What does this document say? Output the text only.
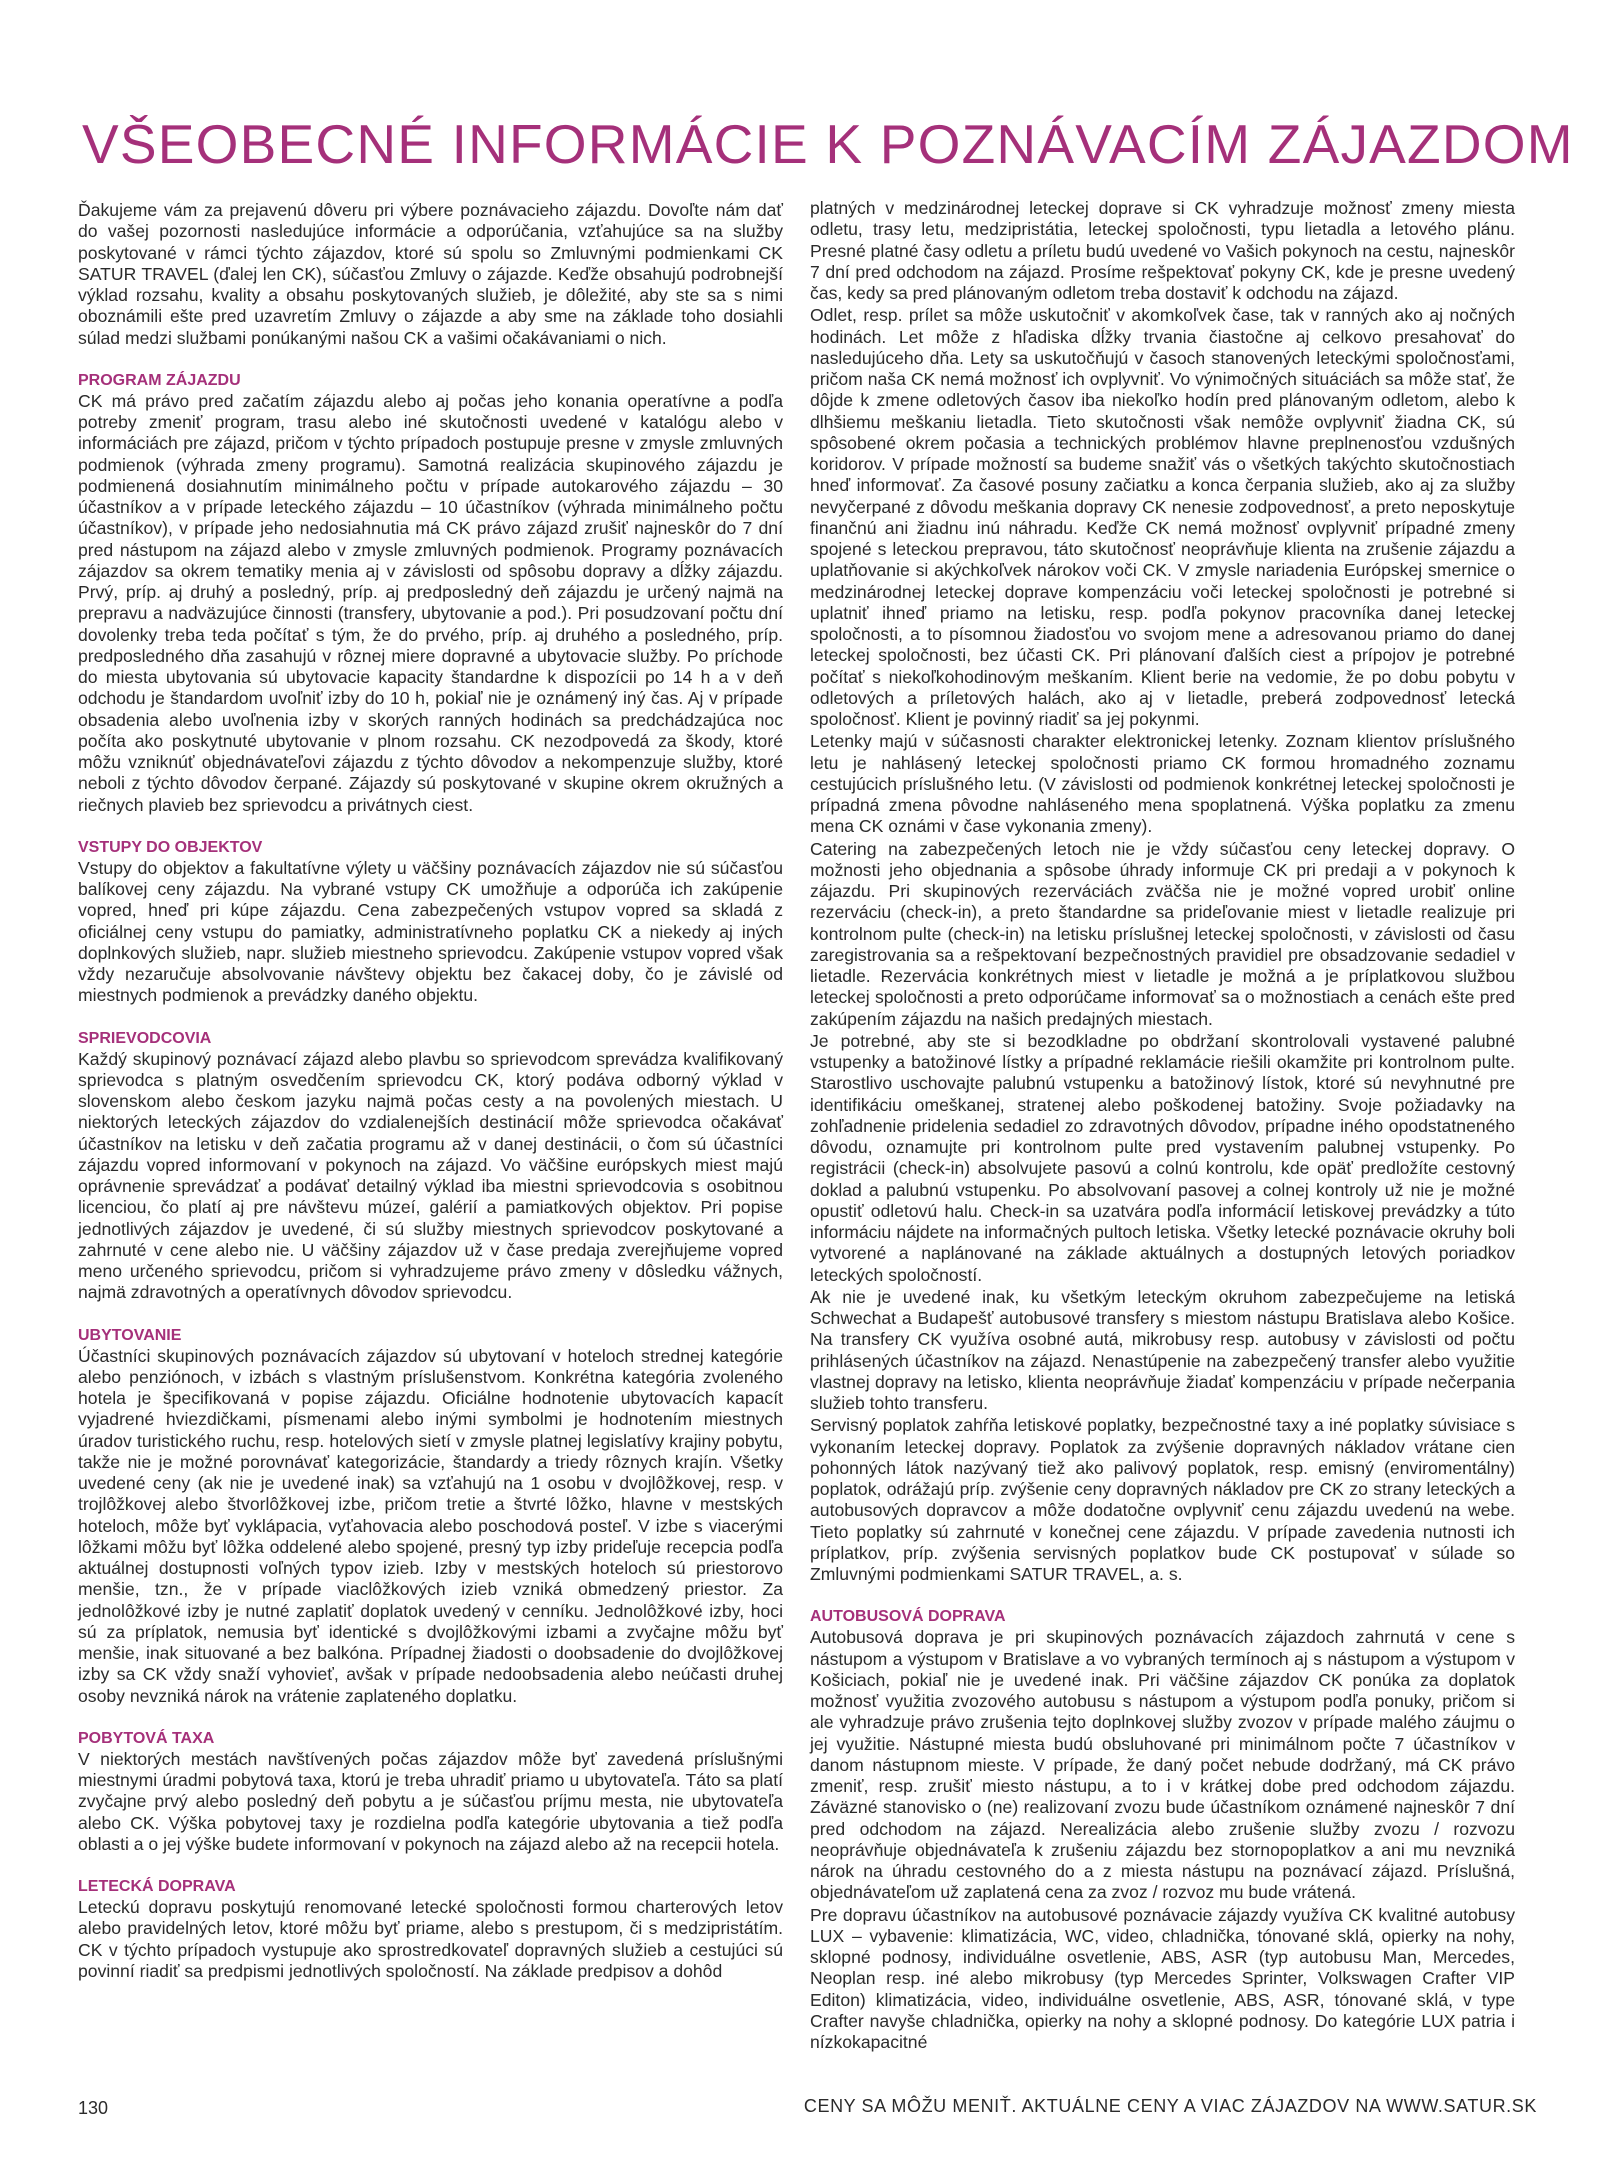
VŠEOBECNÉ INFORMÁCIE K POZNÁVACÍM ZÁJAZDOM

Ďakujeme vám za prejavenú dôveru pri výbere poznávacieho zájazdu. Dovoľte nám dať do vašej pozornosti nasledujúce informácie a odporúčania, vzťahujúce sa na služby poskytované v rámci týchto zájazdov, ktoré sú spolu so Zmluvnými podmienkami CK SATUR TRAVEL (ďalej len CK), súčasťou Zmluvy o zájazde. Keďže obsahujú podrobnejší výklad rozsahu, kvality a obsahu poskytovaných služieb, je dôležité, aby ste sa s nimi oboznámili ešte pred uzavretím Zmluvy o zájazde a aby sme na základe toho dosiahli súlad medzi službami ponúkanými našou CK a vašimi očakávaniami o nich.

PROGRAM ZÁJAZDU

CK má právo pred začatím zájazdu alebo aj počas jeho konania operatívne a podľa potreby zmeniť program, trasu alebo iné skutočnosti uvedené v katalógu alebo v informáciách pre zájazd, pričom v týchto prípadoch postupuje presne v zmysle zmluvných podmienok (výhrada zmeny programu). Samotná realizácia skupinového zájazdu je podmienená dosiahnutím minimálneho počtu v prípade autokarového zájazdu – 30 účastníkov a v prípade leteckého zájazdu – 10 účastníkov (výhrada minimálneho počtu účastníkov), v prípade jeho nedosiahnutia má CK právo zájazd zrušiť najneskôr do 7 dní pred nástupom na zájazd alebo v zmysle zmluvných podmienok. Programy poznávacích zájazdov sa okrem tematiky menia aj v závislosti od spôsobu dopravy a dĺžky zájazdu. Prvý, príp. aj druhý a posledný, príp. aj predposledný deň zájazdu je určený najmä na prepravu a nadväzujúce činnosti (transfery, ubytovanie a pod.). Pri posudzovaní počtu dní dovolenky treba teda počítať s tým, že do prvého, príp. aj druhého a posledného, príp. predposledného dňa zasahujú v rôznej miere dopravné a ubytovacie služby. Po príchode do miesta ubytovania sú ubytovacie kapacity štandardne k dispozícii po 14 h a v deň odchodu je štandardom uvoľniť izby do 10 h, pokiaľ nie je oznámený iný čas. Aj v prípade obsadenia alebo uvoľnenia izby v skorých ranných hodinách sa predchádzajúca noc počíta ako poskytnuté ubytovanie v plnom rozsahu. CK nezodpovedá za škody, ktoré môžu vzniknúť objednávateľovi zájazdu z týchto dôvodov a nekompenzuje služby, ktoré neboli z týchto dôvodov čerpané. Zájazdy sú poskytované v skupine okrem okružných a riečnych plavieb bez sprievodcu a privátnych ciest.

VSTUPY DO OBJEKTOV

Vstupy do objektov a fakultatívne výlety u väčšiny poznávacích zájazdov nie sú súčasťou balíkovej ceny zájazdu. Na vybrané vstupy CK umožňuje a odporúča ich zakúpenie vopred, hneď pri kúpe zájazdu. Cena zabezpečených vstupov vopred sa skladá z oficiálnej ceny vstupu do pamiatky, administratívneho poplatku CK a niekedy aj iných doplnkových služieb, napr. služieb miestneho sprievodcu. Zakúpenie vstupov vopred však vždy nezaručuje absolvovanie návštevy objektu bez čakacej doby, čo je závislé od miestnych podmienok a prevádzky daného objektu.

SPRIEVODCOVIA

Každý skupinový poznávací zájazd alebo plavbu so sprievodcom sprevádza kvalifikovaný sprievodca s platným osvedčením sprievodcu CK, ktorý podáva odborný výklad v slovenskom alebo českom jazyku najmä počas cesty a na povolených miestach. U niektorých leteckých zájazdov do vzdialenejších destinácií môže sprievodca očakávať účastníkov na letisku v deň začatia programu až v danej destinácii, o čom sú účastníci zájazdu vopred informovaní v pokynoch na zájazd. Vo väčšine európskych miest majú oprávnenie sprevádzať a podávať detailný výklad iba miestni sprievodcovia s osobitnou licenciou, čo platí aj pre návštevu múzeí, galérií a pamiatkových objektov. Pri popise jednotlivých zájazdov je uvedené, či sú služby miestnych sprievodcov poskytované a zahrnuté v cene alebo nie. U väčšiny zájazdov už v čase predaja zverejňujeme vopred meno určeného sprievodcu, pričom si vyhradzujeme právo zmeny v dôsledku vážnych, najmä zdravotných a operatívnych dôvodov sprievodcu.

UBYTOVANIE

Účastníci skupinových poznávacích zájazdov sú ubytovaní v hoteloch strednej kategórie alebo penziónoch, v izbách s vlastným príslušenstvom. Konkrétna kategória zvoleného hotela je špecifikovaná v popise zájazdu. Oficiálne hodnotenie ubytovacích kapacít vyjadrené hviezdičkami, písmenami alebo inými symbolmi je hodnotením miestnych úradov turistického ruchu, resp. hotelových sietí v zmysle platnej legislatívy krajiny pobytu, takže nie je možné porovnávať kategorizácie, štandardy a triedy rôznych krajín. Všetky uvedené ceny (ak nie je uvedené inak) sa vzťahujú na 1 osobu v dvojlôžkovej, resp. v trojlôžkovej alebo štvorlôžkovej izbe, pričom tretie a štvrté lôžko, hlavne v mestských hoteloch, môže byť vyklápacia, vyťahovacia alebo poschodová posteľ. V izbe s viacerými lôžkami môžu byť lôžka oddelené alebo spojené, presný typ izby prideľuje recepcia podľa aktuálnej dostupnosti voľných typov izieb. Izby v mestských hoteloch sú priestorovo menšie, tzn., že v prípade viaclôžkových izieb vzniká obmedzený priestor. Za jednolôžkové izby je nutné zaplatiť doplatok uvedený v cenníku. Jednolôžkové izby, hoci sú za príplatok, nemusia byť identické s dvojlôžkovými izbami a zvyčajne môžu byť menšie, inak situované a bez balkóna. Prípadnej žiadosti o doobsadenie do dvojlôžkovej izby sa CK vždy snaží vyhovieť, avšak v prípade nedoobsadenia alebo neúčasti druhej osoby nevzniká nárok na vrátenie zaplateného doplatku.

POBYTOVÁ TAXA

V niektorých mestách navštívených počas zájazdov môže byť zavedená príslušnými miestnymi úradmi pobytová taxa, ktorú je treba uhradiť priamo u ubytovateľa. Táto sa platí zvyčajne prvý alebo posledný deň pobytu a je súčasťou príjmu mesta, nie ubytovateľa alebo CK. Výška pobytovej taxy je rozdielna podľa kategórie ubytovania a tiež podľa oblasti a o jej výške budete informovaní v pokynoch na zájazd alebo až na recepcii hotela.

LETECKÁ DOPRAVA

Leteckú dopravu poskytujú renomované letecké spoločnosti formou charterových letov alebo pravidelných letov, ktoré môžu byť priame, alebo s prestupom, či s medzipristátím. CK v týchto prípadoch vystupuje ako sprostredkovateľ dopravných služieb a cestujúci sú povinní riadiť sa predpismi jednotlivých spoločností. Na základe predpisov a dohôd

platných v medzinárodnej leteckej doprave si CK vyhradzuje možnosť zmeny miesta odletu, trasy letu, medzipristátia, leteckej spoločnosti, typu lietadla a letového plánu. Presné platné časy odletu a príletu budú uvedené vo Vašich pokynoch na cestu, najneskôr 7 dní pred odchodom na zájazd. Prosíme rešpektovať pokyny CK, kde je presne uvedený čas, kedy sa pred plánovaným odletom treba dostaviť k odchodu na zájazd.

Odlet, resp. prílet sa môže uskutočniť v akomkoľvek čase, tak v ranných ako aj nočných hodinách. Let môže z hľadiska dĺžky trvania čiastočne aj celkovo presahovať do nasledujúceho dňa. Lety sa uskutočňujú v časoch stanovených leteckými spoločnosťami, pričom naša CK nemá možnosť ich ovplyvniť. Vo výnimočných situáciách sa môže stať, že dôjde k zmene odletových časov iba niekoľko hodín pred plánovaným odletom, alebo k dlhšiemu meškaniu lietadla. Tieto skutočnosti však nemôže ovplyvniť žiadna CK, sú spôsobené okrem počasia a technických problémov hlavne preplnenosťou vzdušných koridorov. V prípade možností sa budeme snažiť vás o všetkých takýchto skutočnostiach hneď informovať. Za časové posuny začiatku a konca čerpania služieb, ako aj za služby nevyčerpané z dôvodu meškania dopravy CK nenesie zodpovednosť, a preto neposkytuje finančnú ani žiadnu inú náhradu. Keďže CK nemá možnosť ovplyvniť prípadné zmeny spojené s leteckou prepravou, táto skutočnosť neoprávňuje klienta na zrušenie zájazdu a uplatňovanie si akýchkoľvek nárokov voči CK. V zmysle nariadenia Európskej smernice o medzinárodnej leteckej doprave kompenzáciu voči leteckej spoločnosti je potrebné si uplatniť ihneď priamo na letisku, resp. podľa pokynov pracovníka danej leteckej spoločnosti, a to písomnou žiadosťou vo svojom mene a adresovanou priamo do danej leteckej spoločnosti, bez účasti CK. Pri plánovaní ďalších ciest a prípojov je potrebné počítať s niekoľkohodinovým meškaním. Klient berie na vedomie, že po dobu pobytu v odletových a príletových halách, ako aj v lietadle, preberá zodpovednosť letecká spoločnosť. Klient je povinný riadiť sa jej pokynmi.

Letenky majú v súčasnosti charakter elektronickej letenky. Zoznam klientov príslušného letu je nahlásený leteckej spoločnosti priamo CK formou hromadného zoznamu cestujúcich príslušného letu. (V závislosti od podmienok konkrétnej leteckej spoločnosti je prípadná zmena pôvodne nahláseného mena spoplatnená. Výška poplatku za zmenu mena CK oznámi v čase vykonania zmeny).

Catering na zabezpečených letoch nie je vždy súčasťou ceny leteckej dopravy. O možnosti jeho objednania a spôsobe úhrady informuje CK pri predaji a v pokynoch k zájazdu. Pri skupinových rezerváciách zväčša nie je možné vopred urobiť online rezerváciu (check-in), a preto štandardne sa prideľovanie miest v lietadle realizuje pri kontrolnom pulte (check-in) na letisku príslušnej leteckej spoločnosti, v závislosti od času zaregistrovania sa a rešpektovaní bezpečnostných pravidiel pre obsadzovanie sedadiel v lietadle. Rezervácia konkrétnych miest v lietadle je možná a je príplatkovou službou leteckej spoločnosti a preto odporúčame informovať sa o možnostiach a cenách ešte pred zakúpením zájazdu na našich predajných miestach.

Je potrebné, aby ste si bezodkladne po obdržaní skontrolovali vystavené palubné vstupenky a batožinové lístky a prípadné reklamácie riešili okamžite pri kontrolnom pulte. Starostlivo uschovajte palubnú vstupenku a batožinový lístok, ktoré sú nevyhnutné pre identifikáciu omeškanej, stratenej alebo poškodenej batožiny. Svoje požiadavky na zohľadnenie pridelenia sedadiel zo zdravotných dôvodov, prípadne iného opodstatneného dôvodu, oznamujte pri kontrolnom pulte pred vystavením palubnej vstupenky. Po registrácii (check-in) absolvujete pasovú a colnú kontrolu, kde opäť predložíte cestovný doklad a palubnú vstupenku. Po absolvovaní pasovej a colnej kontroly už nie je možné opustiť odletovú halu. Check-in sa uzatvára podľa informácií letiskovej prevádzky a túto informáciu nájdete na informačných pultoch letiska. Všetky letecké poznávacie okruhy boli vytvorené a naplánované na základe aktuálnych a dostupných letových poriadkov leteckých spoločností.

Ak nie je uvedené inak, ku všetkým leteckým okruhom zabezpečujeme na letiská Schwechat a Budapešť autobusové transfery s miestom nástupu Bratislava alebo Košice. Na transfery CK využíva osobné autá, mikrobusy resp. autobusy v závislosti od počtu prihlásených účastníkov na zájazd. Nenastúpenie na zabezpečený transfer alebo využitie vlastnej dopravy na letisko, klienta neoprávňuje žiadať kompenzáciu v prípade nečerpania služieb tohto transferu.

Servisný poplatok zahŕňa letiskové poplatky, bezpečnostné taxy a iné poplatky súvisiace s vykonaním leteckej dopravy. Poplatok za zvýšenie dopravných nákladov vrátane cien pohonných látok nazývaný tiež ako palivový poplatok, resp. emisný (enviromentálny) poplatok, odrážajú príp. zvýšenie ceny dopravných nákladov pre CK zo strany leteckých a autobusových dopravcov a môže dodatočne ovplyvniť cenu zájazdu uvedenú na webe. Tieto poplatky sú zahrnuté v konečnej cene zájazdu. V prípade zavedenia nutnosti ich príplatkov, príp. zvýšenia servisných poplatkov bude CK postupovať v súlade so Zmluvnými podmienkami SATUR TRAVEL, a. s.

AUTOBUSOVÁ DOPRAVA

Autobusová doprava je pri skupinových poznávacích zájazdoch zahrnutá v cene s nástupom a výstupom v Bratislave a vo vybraných termínoch aj s nástupom a výstupom v Košiciach, pokiaľ nie je uvedené inak. Pri väčšine zájazdov CK ponúka za doplatok možnosť využitia zvozového autobusu s nástupom a výstupom podľa ponuky, pričom si ale vyhradzuje právo zrušenia tejto doplnkovej služby zvozov v prípade malého záujmu o jej využitie. Nástupné miesta budú obsluhované pri minimálnom počte 7 účastníkov v danom nástupnom mieste. V prípade, že daný počet nebude dodržaný, má CK právo zmeniť, resp. zrušiť miesto nástupu, a to i v krátkej dobe pred odchodom zájazdu. Záväzné stanovisko o (ne) realizovaní zvozu bude účastníkom oznámené najneskôr 7 dní pred odchodom na zájazd. Nerealizácia alebo zrušenie služby zvozu / rozvozu neoprávňuje objednávateľa k zrušeniu zájazdu bez stornopoplatkov a ani mu nevzniká nárok na úhradu cestovného do a z miesta nástupu na poznávací zájazd. Príslušná, objednávateľom už zaplatená cena za zvoz / rozvoz mu bude vrátená.

Pre dopravu účastníkov na autobusové poznávacie zájazdy využíva CK kvalitné autobusy LUX – vybavenie: klimatizácia, WC, video, chladnička, tónované sklá, opierky na nohy, sklopné podnosy, individuálne osvetlenie, ABS, ASR (typ autobusu Man, Mercedes, Neoplan resp. iné alebo mikrobusy (typ Mercedes Sprinter, Volkswagen Crafter VIP Editon) klimatizácia, video, individuálne osvetlenie, ABS, ASR, tónované sklá, v type Crafter navyše chladnička, opierky na nohy a sklopné podnosy. Do kategórie LUX patria i nízkokapacitné

130	CENY SA MÔŽU MENIŤ. AKTUÁLNE CENY A VIAC ZÁJAZDOV NA WWW.SATUR.SK
